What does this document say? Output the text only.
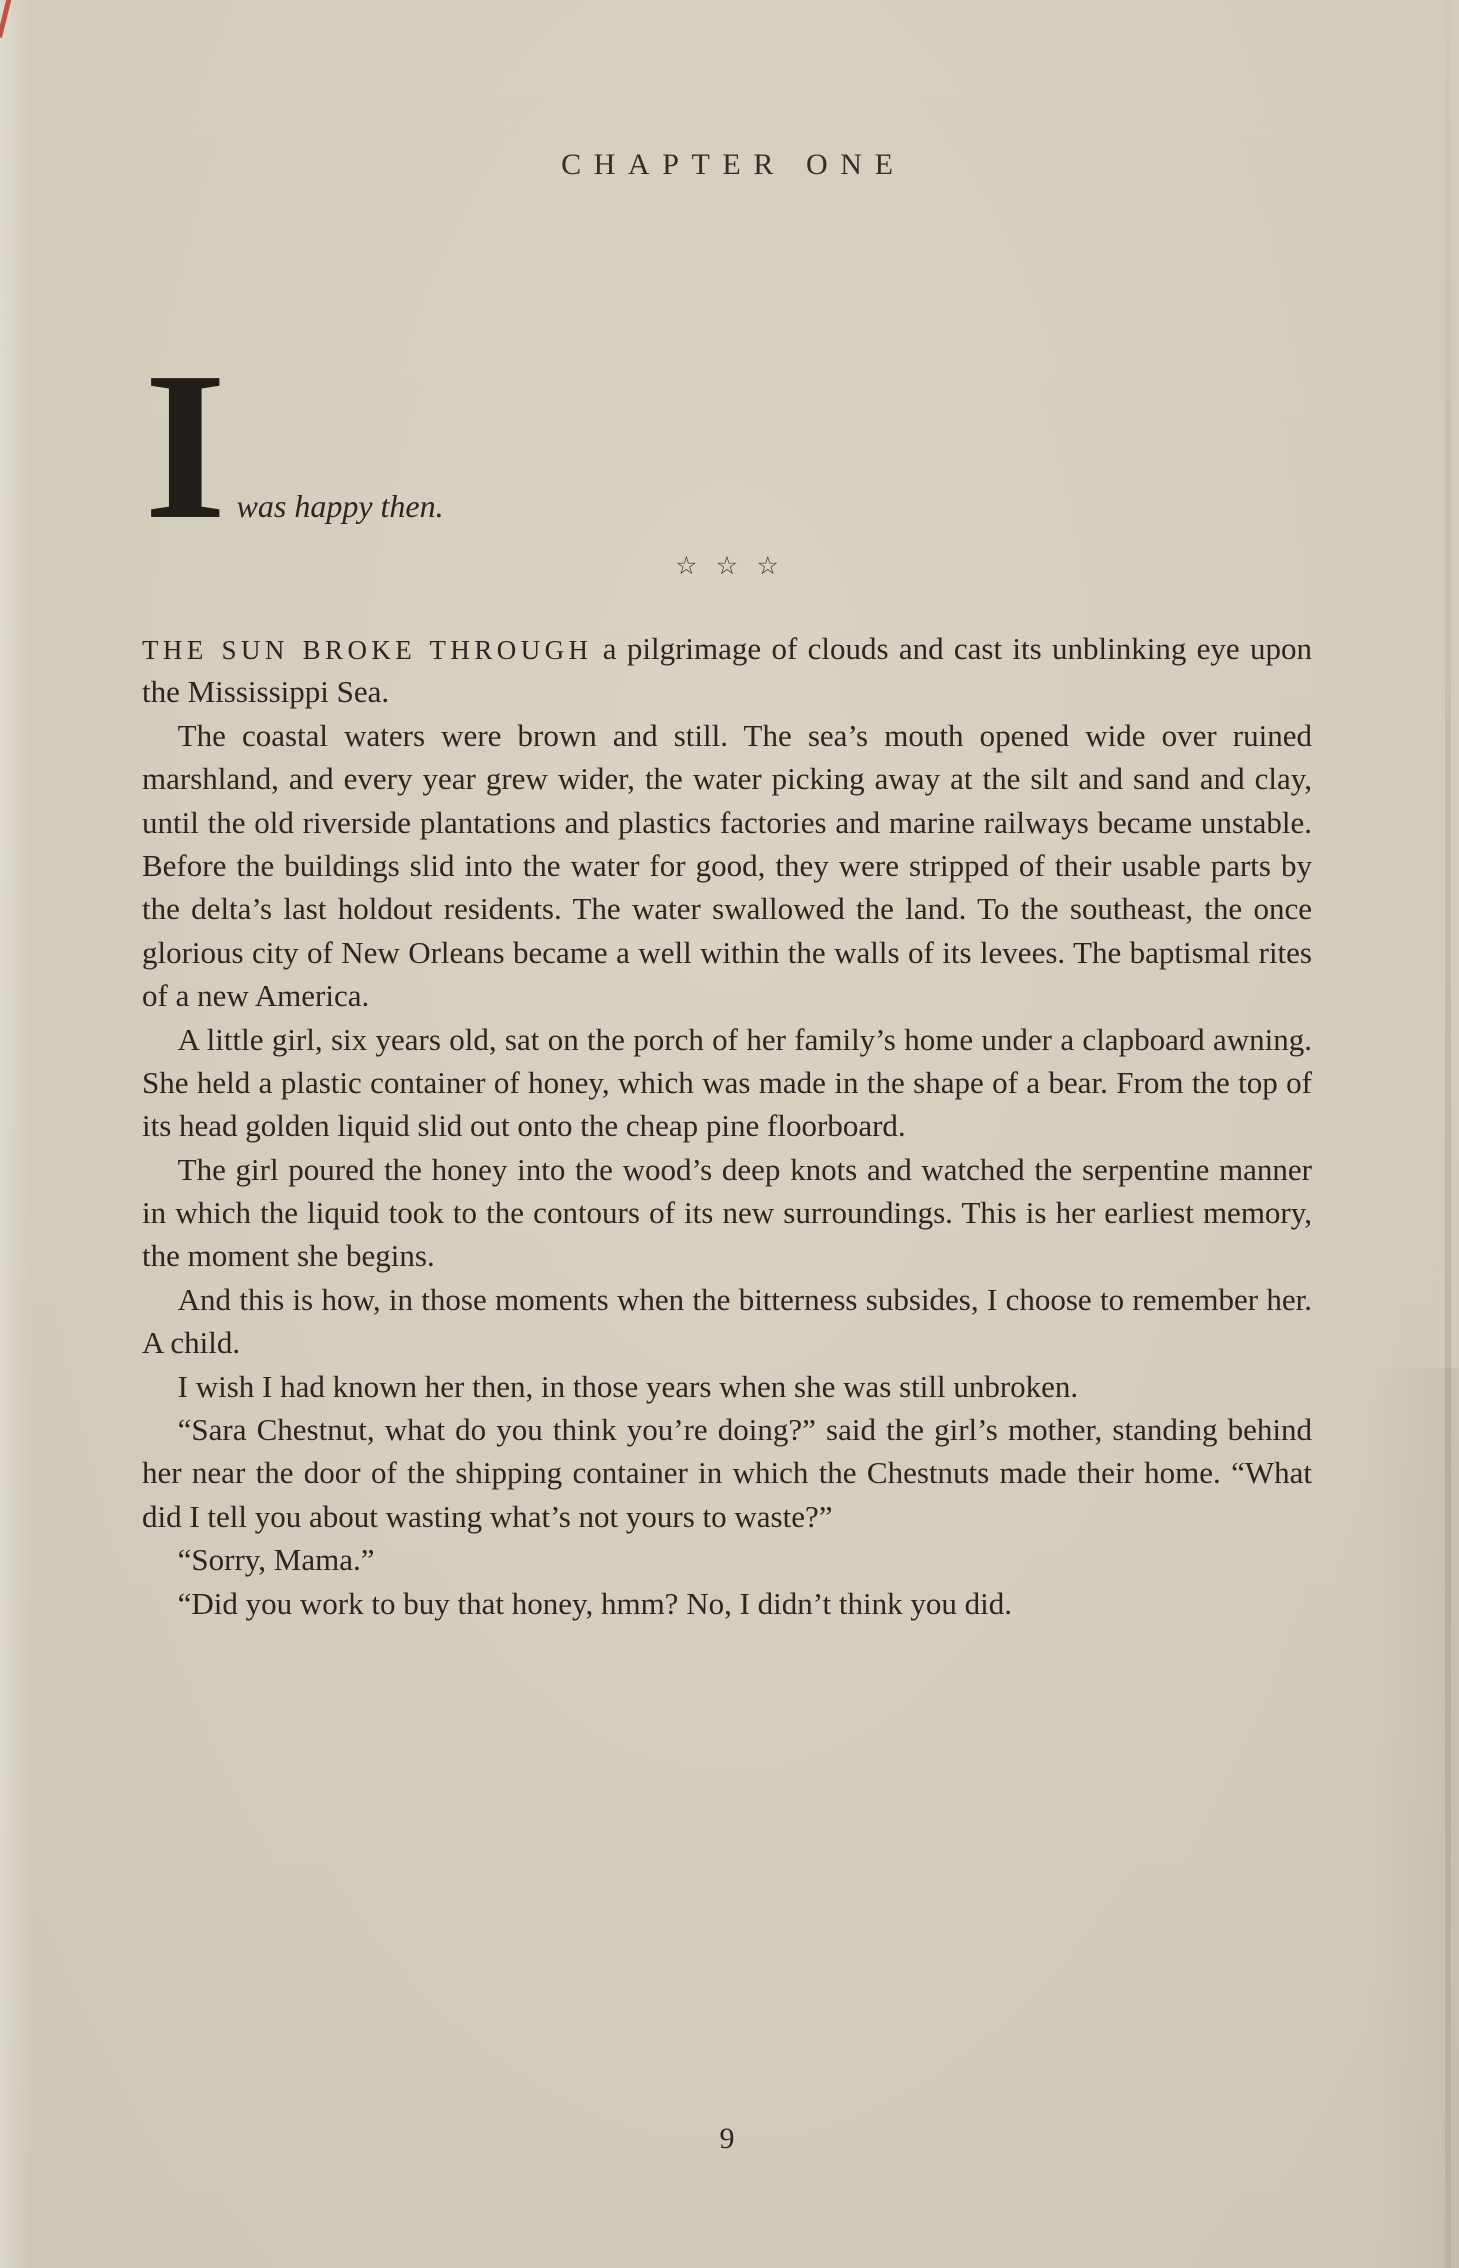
CHAPTER ONE
Iwas happy then.
☆ ☆ ☆

THE SUN BROKE THROUGH a pilgrimage of clouds and cast its unblinking eye upon the Mississippi Sea.

The coastal waters were brown and still. The sea’s mouth opened wide over ruined marshland, and every year grew wider, the water picking away at the silt and sand and clay, until the old riverside plantations and plastics factories and marine railways became unstable. Before the buildings slid into the water for good, they were stripped of their usable parts by the delta’s last holdout residents. The water swallowed the land. To the southeast, the once glorious city of New Orleans became a well within the walls of its levees. The baptismal rites of a new America.

A little girl, six years old, sat on the porch of her family’s home under a clapboard awning. She held a plastic container of honey, which was made in the shape of a bear. From the top of its head golden liquid slid out onto the cheap pine floorboard.

The girl poured the honey into the wood’s deep knots and watched the serpentine manner in which the liquid took to the contours of its new surroundings. This is her earliest memory, the moment she begins.

And this is how, in those moments when the bitterness subsides, I choose to remember her. A child.

I wish I had known her then, in those years when she was still unbroken.

“Sara Chestnut, what do you think you’re doing?” said the girl’s mother, standing behind her near the door of the shipping container in which the Chestnuts made their home. “What did I tell you about wasting what’s not yours to waste?”

“Sorry, Mama.”

“Did you work to buy that honey, hmm? No, I didn’t think you did.

9
